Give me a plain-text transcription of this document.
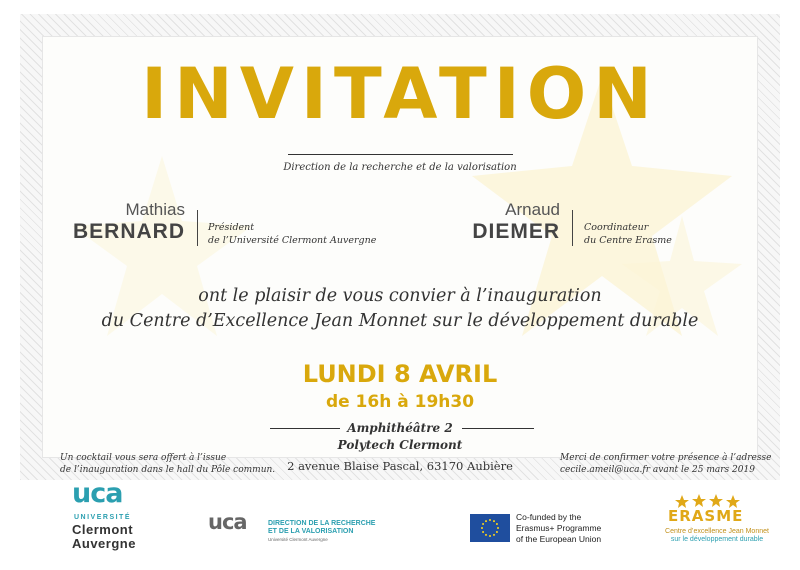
INVITATION
Direction de la recherche et de la valorisation
Mathias
BERNARD Président
de l’Université Clermont Auvergne
Arnaud
DIEMER	Coordinateur
du Centre Erasme
ont le plaisir de vous convier à l’inauguration
du Centre d’Excellence Jean Monnet sur le développement durable
LUNDI 8 AVRIL
de 16h à 19h30
Amphithéâtre 2
Polytech Clermont
2 avenue Blaise Pascal, 63170 Aubière
Un cocktail vous sera offert à l’issue
de l’inauguration dans le hall du Pôle commun.
Merci de confirmer votre présence à l’adresse
cecile.ameil@uca.fr avant le 25 mars 2019
uca
UNIVERSITÉ
Clermont
Auvergne
uca	DIRECTION DE LA RECHERCHE
ET DE LA VALORISATION
Université Clermont Auvergne
Co-funded by the
Erasmus+ Programme
of the European Union
ERASME
Centre d’excellence Jean Monnet
sur le développement durable
